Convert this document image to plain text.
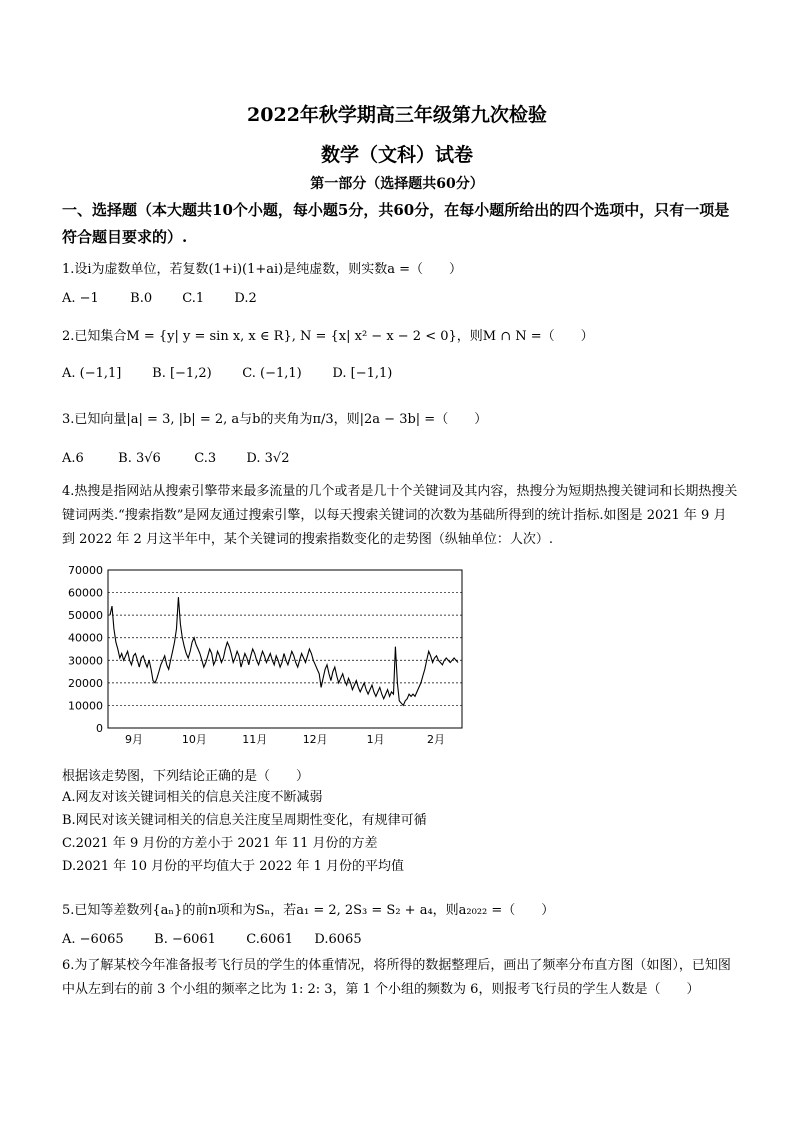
2022年秋学期高三年级第九次检验
数学（文科）试卷
第一部分（选择题共60分）
一、选择题（本大题共10个小题，每小题5分，共60分，在每小题所给出的四个选项中，只有一项是符合题目要求的）.
1.设i为虚数单位，若复数(1+i)(1+ai)是纯虚数，则实数a =（　　）
A. −1 B.0 C.1 D.2
2.已知集合M = {y| y = sin x, x ∈ R}, N = {x| x² − x − 2 < 0}，则M ∩ N =（　　）
A. (−1,1] B. [−1,2) C. (−1,1) D. [−1,1)
3.已知向量|a| = 3, |b| = 2, a与b的夹角为π/3，则|2a − 3b| =（　　）
A.6	B. 3√6	C.3 D. 3√2
4.热搜是指网站从搜索引擎带来最多流量的几个或者是几十个关键词及其内容，热搜分为短期热搜关键词和长期热搜关键词两类.“搜索指数”是网友通过搜索引擎，以每天搜索关键词的次数为基础所得到的统计指标.如图是 2021 年 9 月到 2022 年 2 月这半年中，某个关键词的搜索指数变化的走势图（纵轴单位：人次）.
0
10000
20000
30000
40000
50000
60000
70000
9月	10月	11月	12月	1月	2月
根据该走势图，下列结论正确的是（　　）
A.网友对该关键词相关的信息关注度不断减弱
B.网民对该关键词相关的信息关注度呈周期性变化，有规律可循
C.2021 年 9 月份的方差小于 2021 年 11 月份的方差
D.2021 年 10 月份的平均值大于 2022 年 1 月份的平均值
5.已知等差数列{aₙ}的前n项和为Sₙ，若a₁ = 2, 2S₃ = S₂ + a₄，则a₂₀₂₂ =（　　）
A. −6065 B. −6061 C.6061 D.6065
6.为了解某校今年准备报考飞行员的学生的体重情况，将所得的数据整理后，画出了频率分布直方图（如图），已知图中从左到右的前 3 个小组的频率之比为 1: 2: 3，第 1 个小组的频数为 6，则报考飞行员的学生人数是（　　）
